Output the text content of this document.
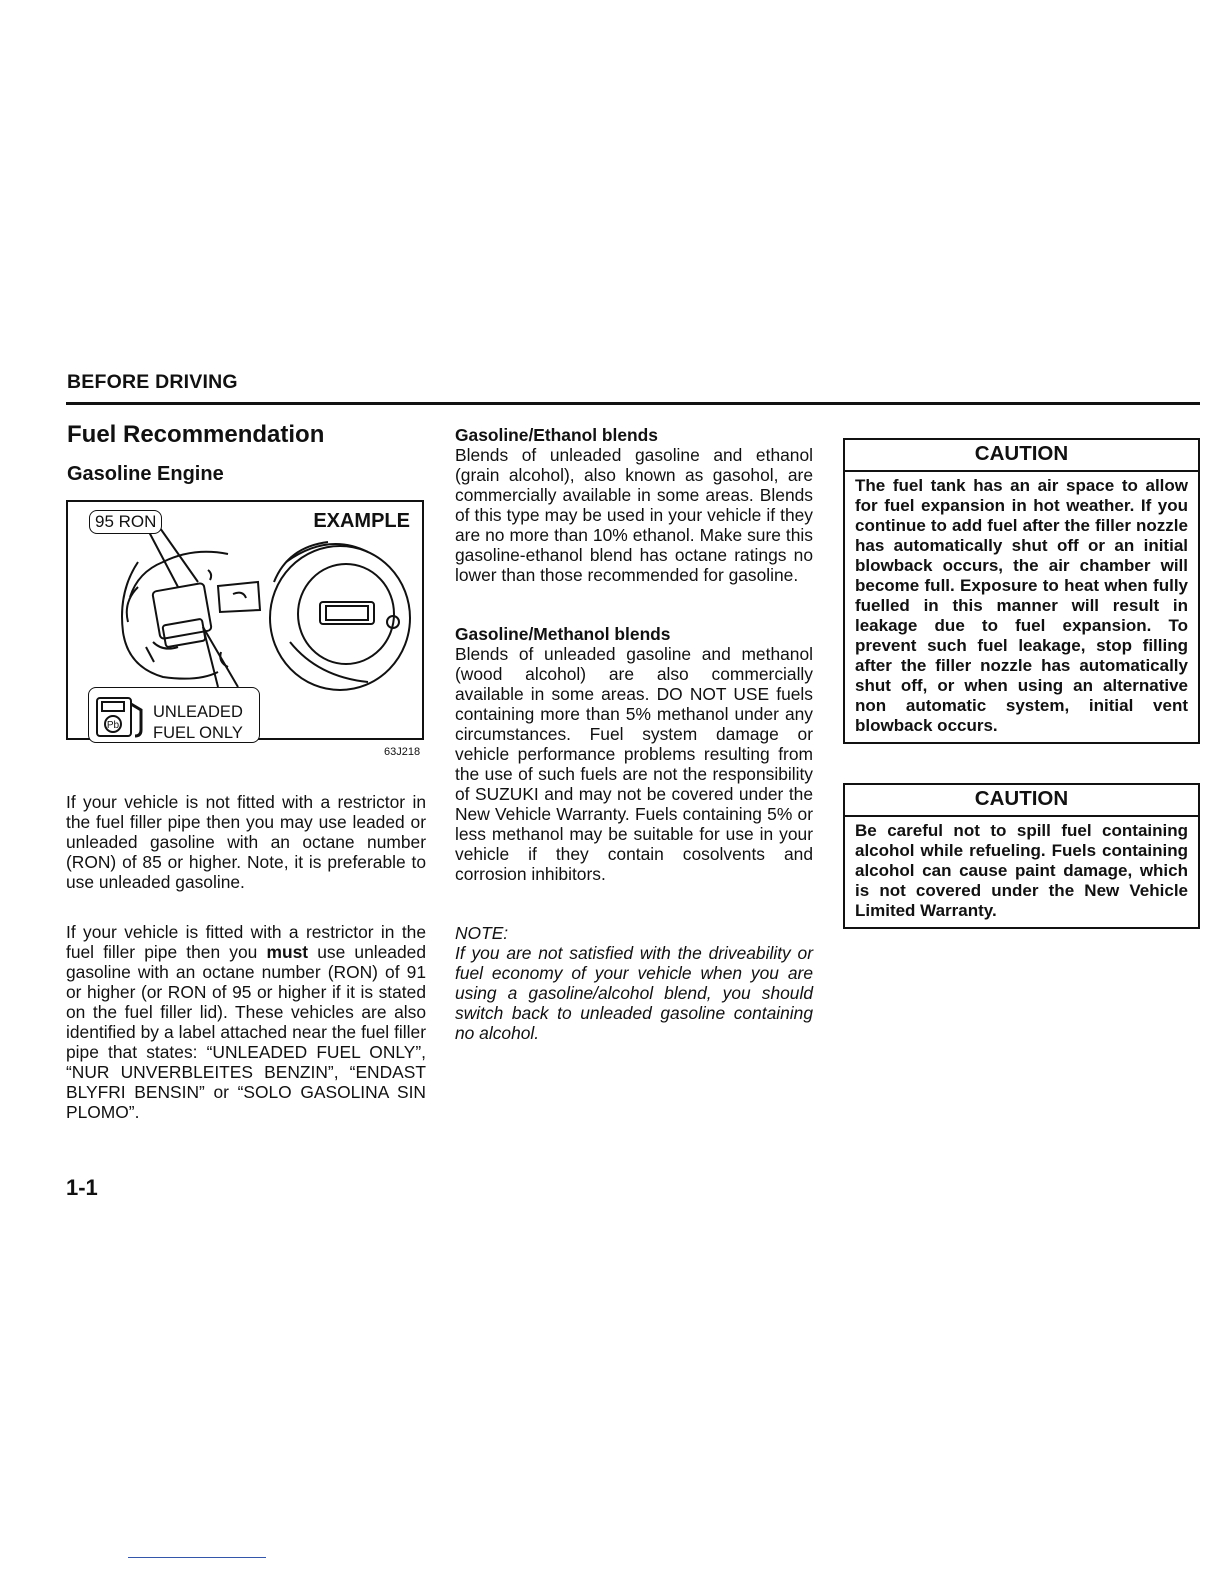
BEFORE DRIVING
Fuel Recommendation
Gasoline Engine
95 RON	EXAMPLE
Pb
UNLEADED
FUEL ONLY
63J218
If your vehicle is not fitted with a restrictor in the fuel filler pipe then you may use leaded or unleaded gasoline with an octane number (RON) of 85 or higher. Note, it is preferable to use unleaded gasoline.
If your vehicle is fitted with a restrictor in the fuel filler pipe then you must use unleaded gasoline with an octane number (RON) of 91 or higher (or RON of 95 or higher if it is stated on the fuel filler lid). These vehicles are also identified by a label attached near the fuel filler pipe that states: “UNLEADED FUEL ONLY”, “NUR UNVERBLEITES BENZIN”, “ENDAST BLYFRI BENSIN” or “SOLO GASOLINA SIN PLOMO”.
Gasoline/Ethanol blends
Blends of unleaded gasoline and ethanol (grain alcohol), also known as gasohol, are commercially available in some areas. Blends of this type may be used in your vehicle if they are no more than 10% ethanol. Make sure this gasoline-ethanol blend has octane ratings no lower than those recommended for gasoline.
Gasoline/Methanol blends
Blends of unleaded gasoline and methanol (wood alcohol) are also commercially available in some areas. DO NOT USE fuels containing more than 5% methanol under any circumstances. Fuel system damage or vehicle performance problems resulting from the use of such fuels are not the responsibility of SUZUKI and may not be covered under the New Vehicle Warranty. Fuels containing 5% or less methanol may be suitable for use in your vehicle if they contain cosolvents and corrosion inhibitors.
NOTE:
If you are not satisfied with the driveability or fuel economy of your vehicle when you are using a gasoline/alcohol blend, you should switch back to unleaded gasoline containing no alcohol.
CAUTION
The fuel tank has an air space to allow for fuel expansion in hot weather. If you continue to add fuel after the filler nozzle has automatically shut off or an initial blowback occurs, the air chamber will become full. Exposure to heat when fully fuelled in this manner will result in leakage due to fuel expansion. To prevent such fuel leakage, stop filling after the filler nozzle has automatically shut off, or when using an alternative non automatic system, initial vent blowback occurs.
CAUTION
Be careful not to spill fuel containing alcohol while refueling. Fuels containing alcohol can cause paint damage, which is not covered under the New Vehicle Limited Warranty.
1-1
